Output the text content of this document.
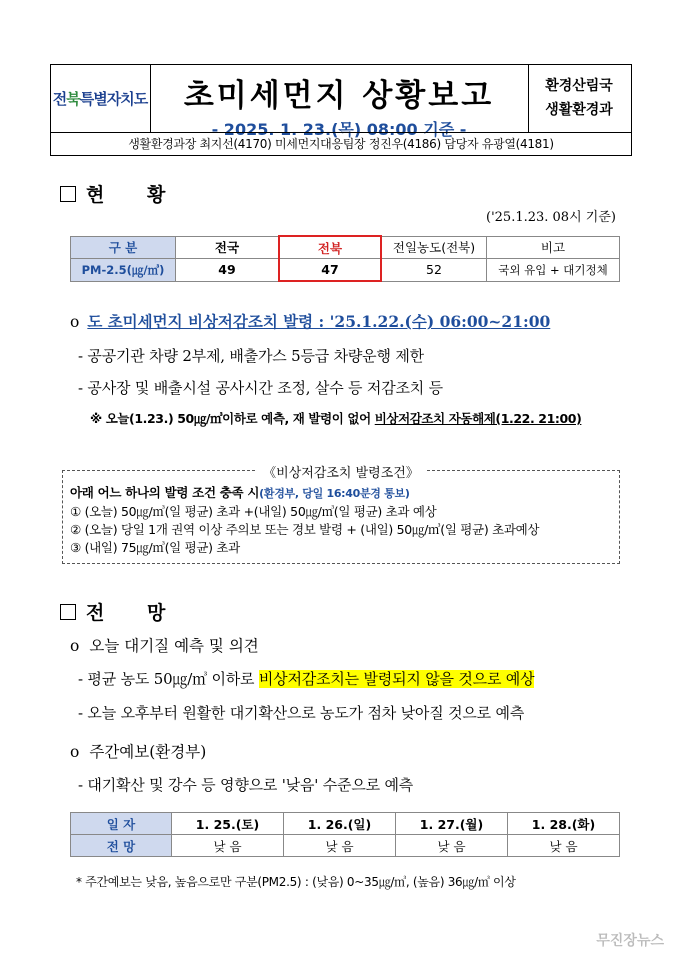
전북특별자치도	초미세먼지 상황보고
- 2025. 1. 23.(목) 08:00 기준 -
환경산림국
생활환경과
생활환경과장 최지선(4170) 미세먼지대응팀장 정진우(4186) 담당자 유광열(4181)
현 황
('25.1.23. 08시 기준)
구 분	전국	전북	전일농도(전북)	비고
PM-2.5(㎍/㎥)	49	47	52	국외 유입 + 대기정체
o 도 초미세먼지 비상저감조치 발령 : '25.1.22.(수) 06:00~21:00
- 공공기관 차량 2부제, 배출가스 5등급 차량운행 제한
- 공사장 및 배출시설 공사시간 조정, 살수 등 저감조치 등
※ 오늘(1.23.) 50㎍/㎥이하로 예측, 재 발령이 없어 비상저감조치 자동해제(1.22. 21:00)
《비상저감조치 발령조건》
아래 어느 하나의 발령 조건 충족 시(환경부, 당일 16:40분경 통보)
① (오늘) 50㎍/㎥(일 평균) 초과 +(내일) 50㎍/㎥(일 평균) 초과 예상
② (오늘) 당일 1개 권역 이상 주의보 또는 경보 발령 + (내일) 50㎍/㎥(일 평균) 초과예상
③ (내일) 75㎍/㎥(일 평균) 초과
전 망
o 오늘 대기질 예측 및 의견
- 평균 농도 50㎍/㎥ 이하로 비상저감조치는 발령되지 않을 것으로 예상
- 오늘 오후부터 원활한 대기확산으로 농도가 점차 낮아질 것으로 예측
o 주간예보(환경부)
- 대기확산 및 강수 등 영향으로 '낮음' 수준으로 예측
일 자	1. 25.(토)	1. 26.(일)	1. 27.(월)	1. 28.(화)
전 망	낮 음	낮 음	낮 음	낮 음
* 주간예보는 낮음, 높음으로만 구분(PM2.5) : (낮음) 0~35㎍/㎥, (높음) 36㎍/㎥ 이상
무진장뉴스
